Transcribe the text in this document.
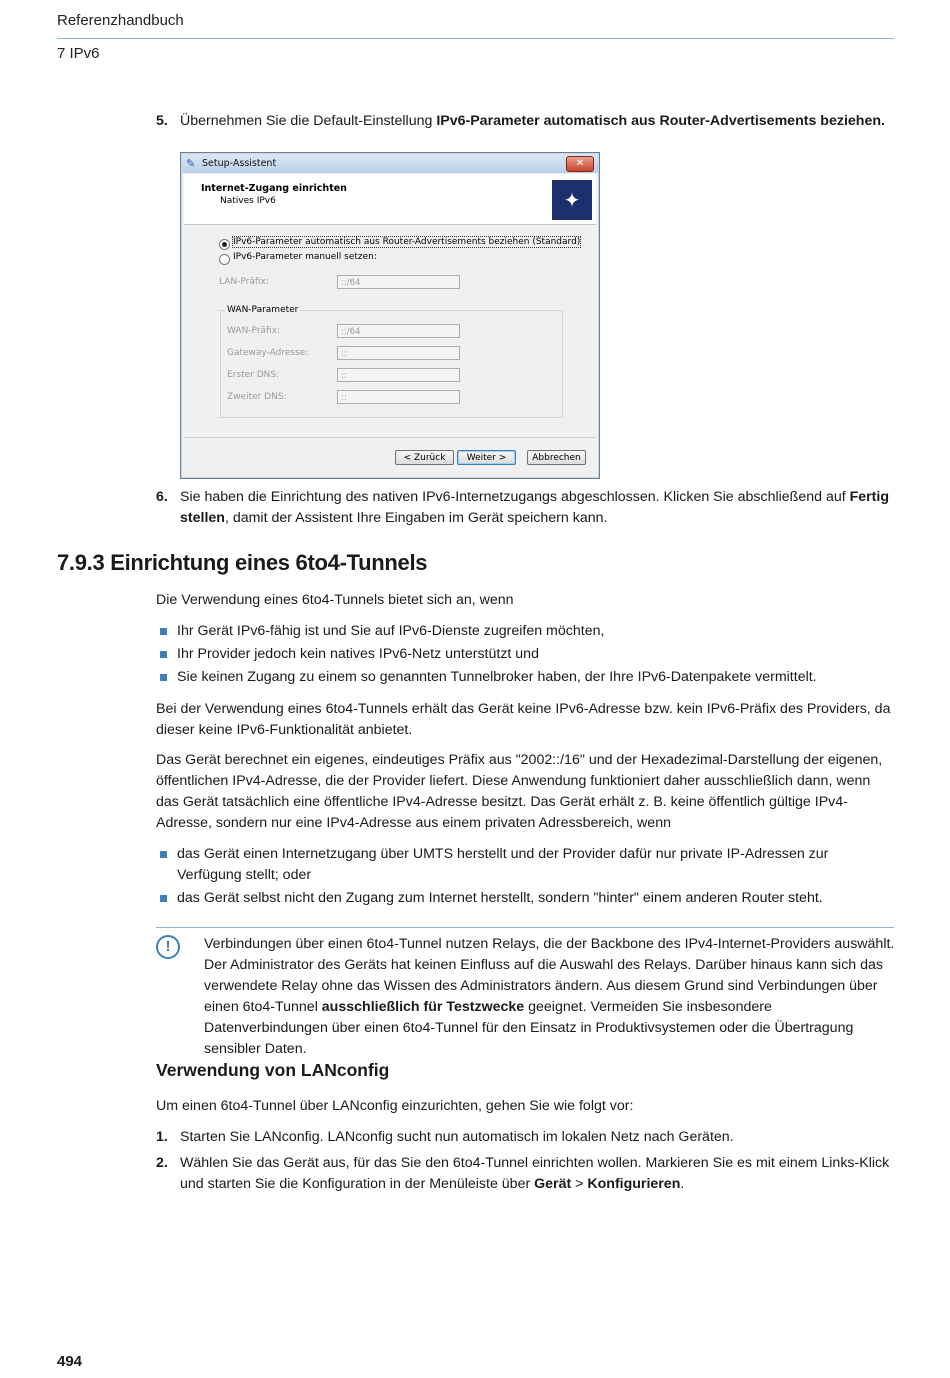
Referenzhandbuch
7 IPv6
5. Übernehmen Sie die Default-Einstellung IPv6-Parameter automatisch aus Router-Advertisements beziehen.
✎ Setup-Assistent	✕
Internet-Zugang einrichten
Natives IPv6	✦
IPv6-Parameter automatisch aus Router-Advertisements beziehen (Standard)
IPv6-Parameter manuell setzen:
LAN-Präfix:	::/64
WAN-Parameter
WAN-Präfix:	::/64
Gateway-Adresse:	::
Erster DNS:	::
Zweiter DNS:	::
< Zurück	Weiter >	Abbrechen
6. Sie haben die Einrichtung des nativen IPv6-Internetzugangs abgeschlossen. Klicken Sie abschließend auf Fertig stellen, damit der Assistent Ihre Eingaben im Gerät speichern kann.
7.9.3 Einrichtung eines 6to4-Tunnels
Die Verwendung eines 6to4-Tunnels bietet sich an, wenn
Ihr Gerät IPv6-fähig ist und Sie auf IPv6-Dienste zugreifen möchten,
Ihr Provider jedoch kein natives IPv6-Netz unterstützt und
Sie keinen Zugang zu einem so genannten Tunnelbroker haben, der Ihre IPv6-Datenpakete vermittelt.
Bei der Verwendung eines 6to4-Tunnels erhält das Gerät keine IPv6-Adresse bzw. kein IPv6-Präfix des Providers, da dieser keine IPv6-Funktionalität anbietet.
Das Gerät berechnet ein eigenes, eindeutiges Präfix aus "2002::/16" und der Hexadezimal-Darstellung der eigenen, öffentlichen IPv4-Adresse, die der Provider liefert. Diese Anwendung funktioniert daher ausschließlich dann, wenn das Gerät tatsächlich eine öffentliche IPv4-Adresse besitzt. Das Gerät erhält z. B. keine öffentlich gültige IPv4-Adresse, sondern nur eine IPv4-Adresse aus einem privaten Adressbereich, wenn
das Gerät einen Internetzugang über UMTS herstellt und der Provider dafür nur private IP-Adressen zur Verfügung stellt; oder
das Gerät selbst nicht den Zugang zum Internet herstellt, sondern "hinter" einem anderen Router steht.
!	Verbindungen über einen 6to4-Tunnel nutzen Relays, die der Backbone des IPv4-Internet-Providers auswählt. Der Administrator des Geräts hat keinen Einfluss auf die Auswahl des Relays. Darüber hinaus kann sich das verwendete Relay ohne das Wissen des Administrators ändern. Aus diesem Grund sind Verbindungen über einen 6to4-Tunnel ausschließlich für Testzwecke geeignet. Vermeiden Sie insbesondere Datenverbindungen über einen 6to4-Tunnel für den Einsatz in Produktivsystemen oder die Übertragung sensibler Daten.
Verwendung von LANconfig
Um einen 6to4-Tunnel über LANconfig einzurichten, gehen Sie wie folgt vor:
1. Starten Sie LANconfig. LANconfig sucht nun automatisch im lokalen Netz nach Geräten.
2. Wählen Sie das Gerät aus, für das Sie den 6to4-Tunnel einrichten wollen. Markieren Sie es mit einem Links-Klick und starten Sie die Konfiguration in der Menüleiste über Gerät > Konfigurieren.
494
